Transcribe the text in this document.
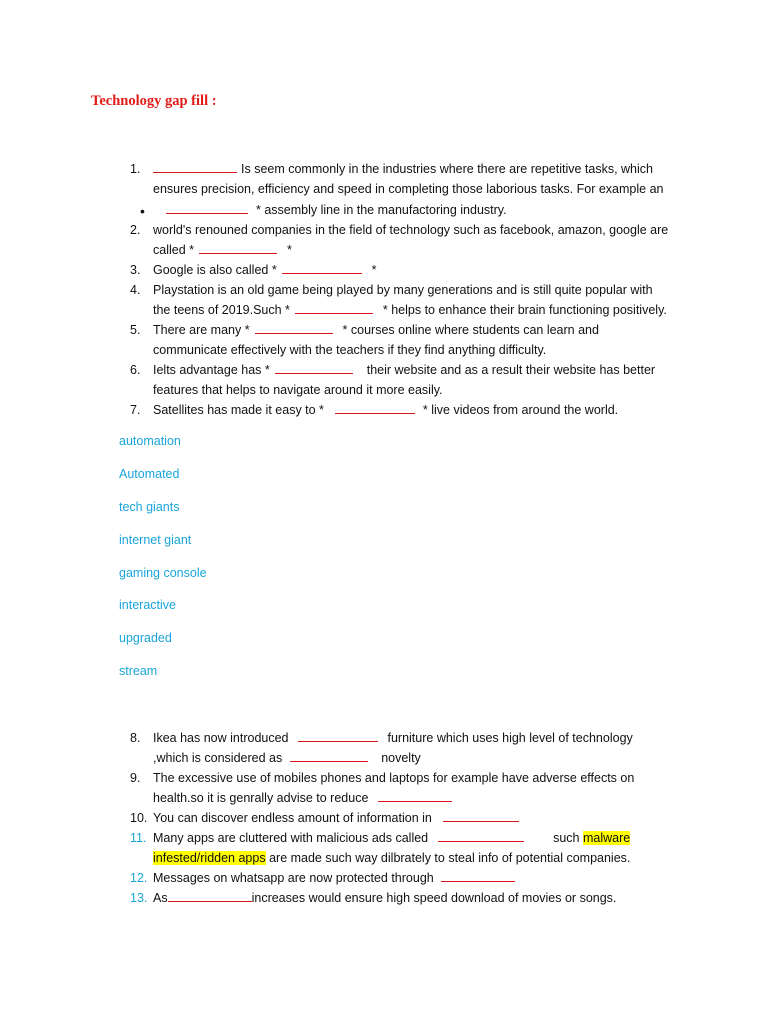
Technology gap fill :
1.	Is seem commonly in the industries where there are repetitive tasks, which
ensures precision, efficiency and speed in completing those laborious tasks. For example an
•	* assembly line in the manufactoring industry.
2.	world's renouned companies in the field of technology such as facebook, amazon, google are
called *	*
3.	Google is also called *	*
4.	Playstation is an old game being played by many generations and is still quite popular with
the teens of 2019.Such *	* helps to enhance their brain functioning positively.
5.	There are many *	* courses online where students can learn and
communicate effectively with the teachers if they find anything difficulty.
6.	Ielts advantage has *	their website and as a result their website has better
features that helps to navigate around it more easily.
7.	Satellites has made it easy to *	* live videos from around the world.
automation
Automated
tech giants
internet giant
gaming console
interactive
upgraded
stream
8.	Ikea has now introduced	furniture which uses high level of technology
,which is considered as	novelty
9.	The excessive use of mobiles phones and laptops for example have adverse effects on
health.so it is genrally advise to reduce
10. You can discover endless amount of information in
11. Many apps are cluttered with malicious ads called	such malware
infested/ridden apps are made such way dilbrately to steal info of potential companies.
12. Messages on whatsapp are now protected through
13. As	increases would ensure high speed download of movies or songs.
